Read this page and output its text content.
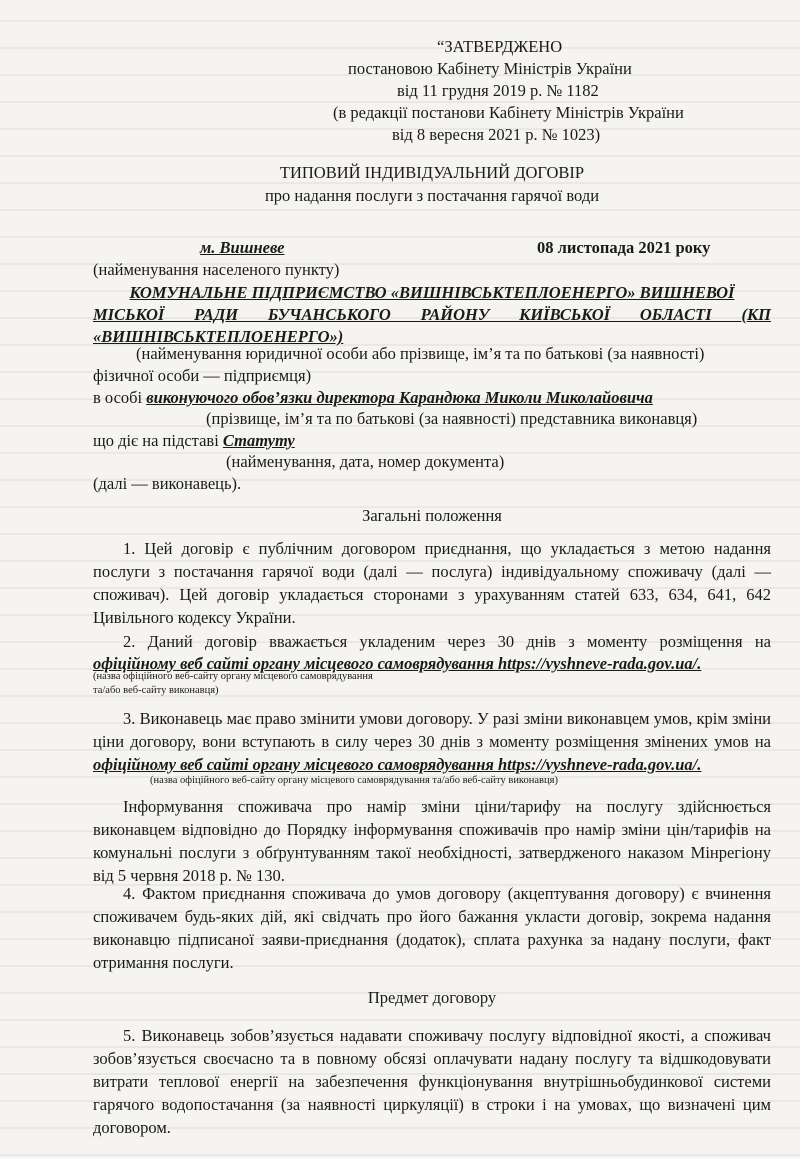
“ЗАТВЕРДЖЕНО

постановою Кабінету Міністрів України

від 11 грудня 2019 р. № 1182

(в редакції постанови Кабінету Міністрів України

від 8 вересня 2021 р. № 1023)

ТИПОВИЙ ІНДИВІДУАЛЬНИЙ ДОГОВІР

про надання послуги з постачання гарячої води

м. Вишневе	08 листопада 2021 року

(найменування населеного пункту)

КОМУНАЛЬНЕ ПІДПРИЄМСТВО «ВИШНІВСЬКТЕПЛОЕНЕРГО» ВИШНЕВОЇ

МІСЬКОЇ РАДИ БУЧАНСЬКОГО РАЙОНУ КИЇВСЬКОЇ ОБЛАСТІ (КП

«ВИШНІВСЬКТЕПЛОЕНЕРГО»)

(найменування юридичної особи або прізвище, ім’я та по батькові (за наявності)

фізичної особи — підприємця)

в особі виконуючого обов’язки директора Карандюка Миколи Миколайовича

(прізвище, ім’я та по батькові (за наявності) представника виконавця)

що діє на підставі Статуту

(найменування, дата, номер документа)

(далі — виконавець).

Загальні положення

1. Цей договір є публічним договором приєднання, що укладається з метою надання послуги з постачання гарячої води (далі — послуга) індивідуальному споживачу (далі — споживач). Цей договір укладається сторонами з урахуванням статей 633, 634, 641, 642 Цивільного кодексу України.

2. Даний договір вважається укладеним через 30 днів з моменту розміщення на

офіційному веб сайті органу місцевого самоврядування https://vyshneve-rada.gov.ua/.

(назва офіційного веб-сайту органу місцевого самоврядування

та/або веб-сайту виконавця)

3. Виконавець має право змінити умови договору. У разі зміни виконавцем умов, крім зміни ціни договору, вони вступають в силу через 30 днів з моменту розміщення змінених умов на офіційному веб сайті органу місцевого самоврядування https://vyshneve-rada.gov.ua/.

(назва офіційного веб-сайту органу місцевого самоврядування та/або веб-сайту виконавця)

Інформування споживача про намір зміни ціни/тарифу на послугу здійснюється виконавцем відповідно до Порядку інформування споживачів про намір зміни цін/тарифів на комунальні послуги з обґрунтуванням такої необхідності, затвердженого наказом Мінрегіону від 5 червня 2018 р. № 130.

4. Фактом приєднання споживача до умов договору (акцептування договору) є вчинення споживачем будь-яких дій, які свідчать про його бажання укласти договір, зокрема надання виконавцю підписаної заяви-приєднання (додаток), сплата рахунка за надану послуги, факт отримання послуги.

Предмет договору

5. Виконавець зобов’язується надавати споживачу послугу відповідної якості, а споживач зобов’язується своєчасно та в повному обсязі оплачувати надану послугу та відшкодовувати витрати теплової енергії на забезпечення функціонування внутрішньобудинкової системи гарячого водопостачання (за наявності циркуляції) в строки і на умовах, що визначені цим договором.
